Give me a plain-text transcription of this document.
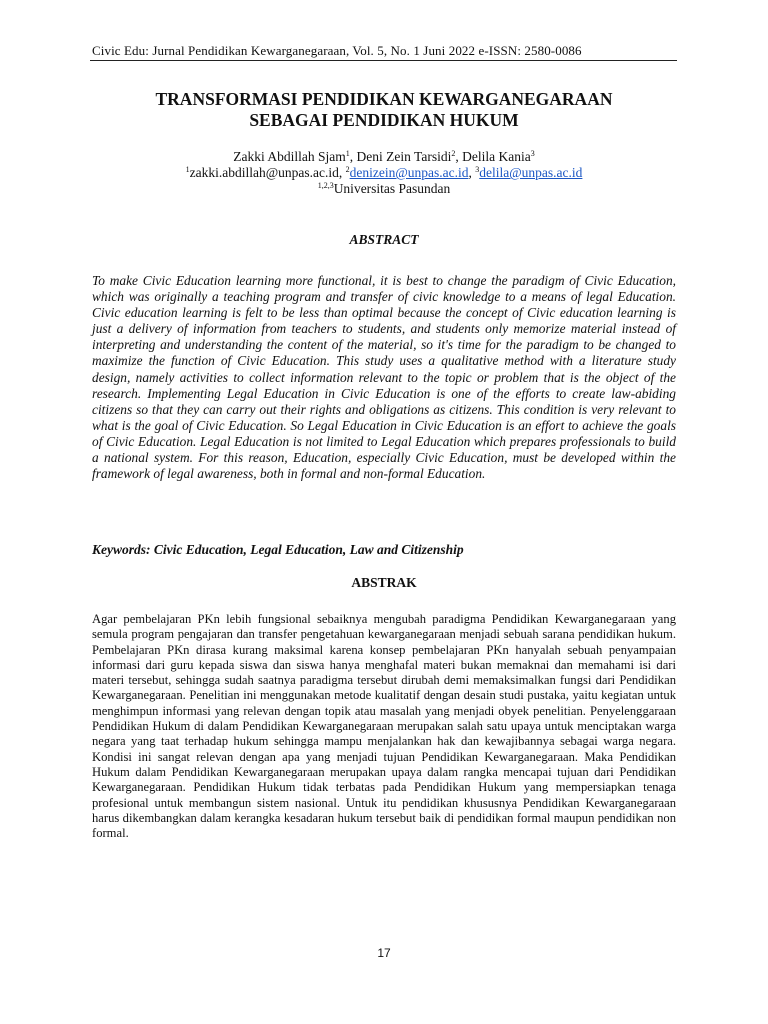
Civic Edu: Jurnal Pendidikan Kewarganegaraan, Vol. 5, No. 1 Juni 2022 e-ISSN: 2580-0086
TRANSFORMASI PENDIDIKAN KEWARGANEGARAAN
SEBAGAI PENDIDIKAN HUKUM
Zakki Abdillah Sjam$^1$, Deni Zein Tarsidi$^2$, Delila Kania$^3$
$^1$zakki.abdillah@unpas.ac.id, $^2$denizein@unpas.ac.id, $^3$delila@unpas.ac.id
$^{1,2,3}$Universitas Pasundan
ABSTRACT

To make Civic Education learning more functional, it is best to change the paradigm of Civic Education, which was originally a teaching program and transfer of civic knowledge to a means of legal Education. Civic education learning is felt to be less than optimal because the concept of Civic education learning is just a delivery of information from teachers to students, and students only memorize material instead of interpreting and understanding the content of the material, so it's time for the paradigm to be changed to maximize the function of Civic Education. This study uses a qualitative method with a literature study design, namely activities to collect information relevant to the topic or problem that is the object of the research. Implementing Legal Education in Civic Education is one of the efforts to create law-abiding citizens so that they can carry out their rights and obligations as citizens. This condition is very relevant to what is the goal of Civic Education. So Legal Education in Civic Education is an effort to achieve the goals of Civic Education. Legal Education is not limited to Legal Education which prepares professionals to build a national system. For this reason, Education, especially Civic Education, must be developed within the framework of legal awareness, both in formal and non-formal Education.

Keywords: Civic Education, Legal Education, Law and Citizenship
ABSTRAK

Agar pembelajaran PKn lebih fungsional sebaiknya mengubah paradigma Pendidikan Kewarganegaraan yang semula program pengajaran dan transfer pengetahuan kewarganegaraan menjadi sebuah sarana pendidikan hukum. Pembelajaran PKn dirasa kurang maksimal karena konsep pembelajaran PKn hanyalah sebuah penyampaian informasi dari guru kepada siswa dan siswa hanya menghafal materi bukan memaknai dan memahami isi dari materi tersebut, sehingga sudah saatnya paradigma tersebut dirubah demi memaksimalkan fungsi dari Pendidikan Kewarganegaraan. Penelitian ini menggunakan metode kualitatif dengan desain studi pustaka, yaitu kegiatan untuk menghimpun informasi yang relevan dengan topik atau masalah yang menjadi obyek penelitian. Penyelenggaraan Pendidikan Hukum di dalam Pendidikan Kewarganegaraan merupakan salah satu upaya untuk menciptakan warga negara yang taat terhadap hukum sehingga mampu menjalankan hak dan kewajibannya sebagai warga negara. Kondisi ini sangat relevan dengan apa yang menjadi tujuan Pendidikan Kewarganegaraan. Maka Pendidikan Hukum dalam Pendidikan Kewarganegaraan merupakan upaya dalam rangka mencapai tujuan dari Pendidikan Kewarganegaraan. Pendidikan Hukum tidak terbatas pada Pendidikan Hukum yang mempersiapkan tenaga profesional untuk membangun sistem nasional. Untuk itu pendidikan khususnya Pendidikan Kewarganegaraan harus dikembangkan dalam kerangka kesadaran hukum tersebut baik di pendidikan formal maupun pendidikan non formal.

17
